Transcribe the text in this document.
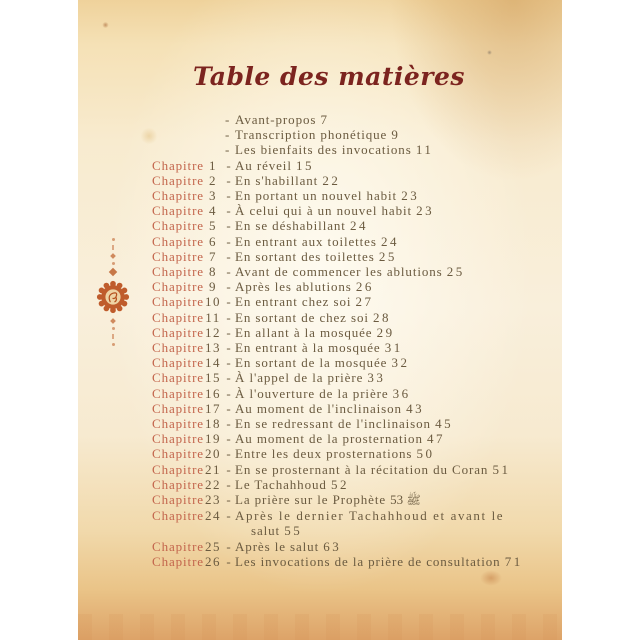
Table des matières
- Avant-propos 7
- Transcription phonétique 9
- Les bienfaits des invocations 11
Chapitre 1 - Au réveil 15
Chapitre 2 - En s'habillant 22
Chapitre 3 - En portant un nouvel habit 23
Chapitre 4 - À celui qui à un nouvel habit 23
Chapitre 5 - En se déshabillant 24
Chapitre 6 - En entrant aux toilettes 24
Chapitre 7 - En sortant des toilettes 25
Chapitre 8 - Avant de commencer les ablutions 25
Chapitre 9 - Après les ablutions 26
Chapitre 10 - En entrant chez soi 27
Chapitre 11 - En sortant de chez soi 28
Chapitre 12 - En allant à la mosquée 29
Chapitre 13 - En entrant à la mosquée 31
Chapitre 14 - En sortant de la mosquée 32
Chapitre 15 - À l'appel de la prière 33
Chapitre 16 - À l'ouverture de la prière 36
Chapitre 17 - Au moment de l'inclinaison 43
Chapitre 18 - En se redressant de l'inclinaison 45
Chapitre 19 - Au moment de la prosternation 47
Chapitre 20 - Entre les deux prosternations 50
Chapitre 21 - En se prosternant à la récitation du Coran 51
Chapitre 22 - Le Tachahhoud 52
Chapitre 23 - La prière sur le Prophète ﷺ 53
Chapitre 24 - Après le dernier Tachahhoud et avant le
salut 55
Chapitre 25 - Après le salut 63
Chapitre 26 - Les invocations de la prière de consultation 71
